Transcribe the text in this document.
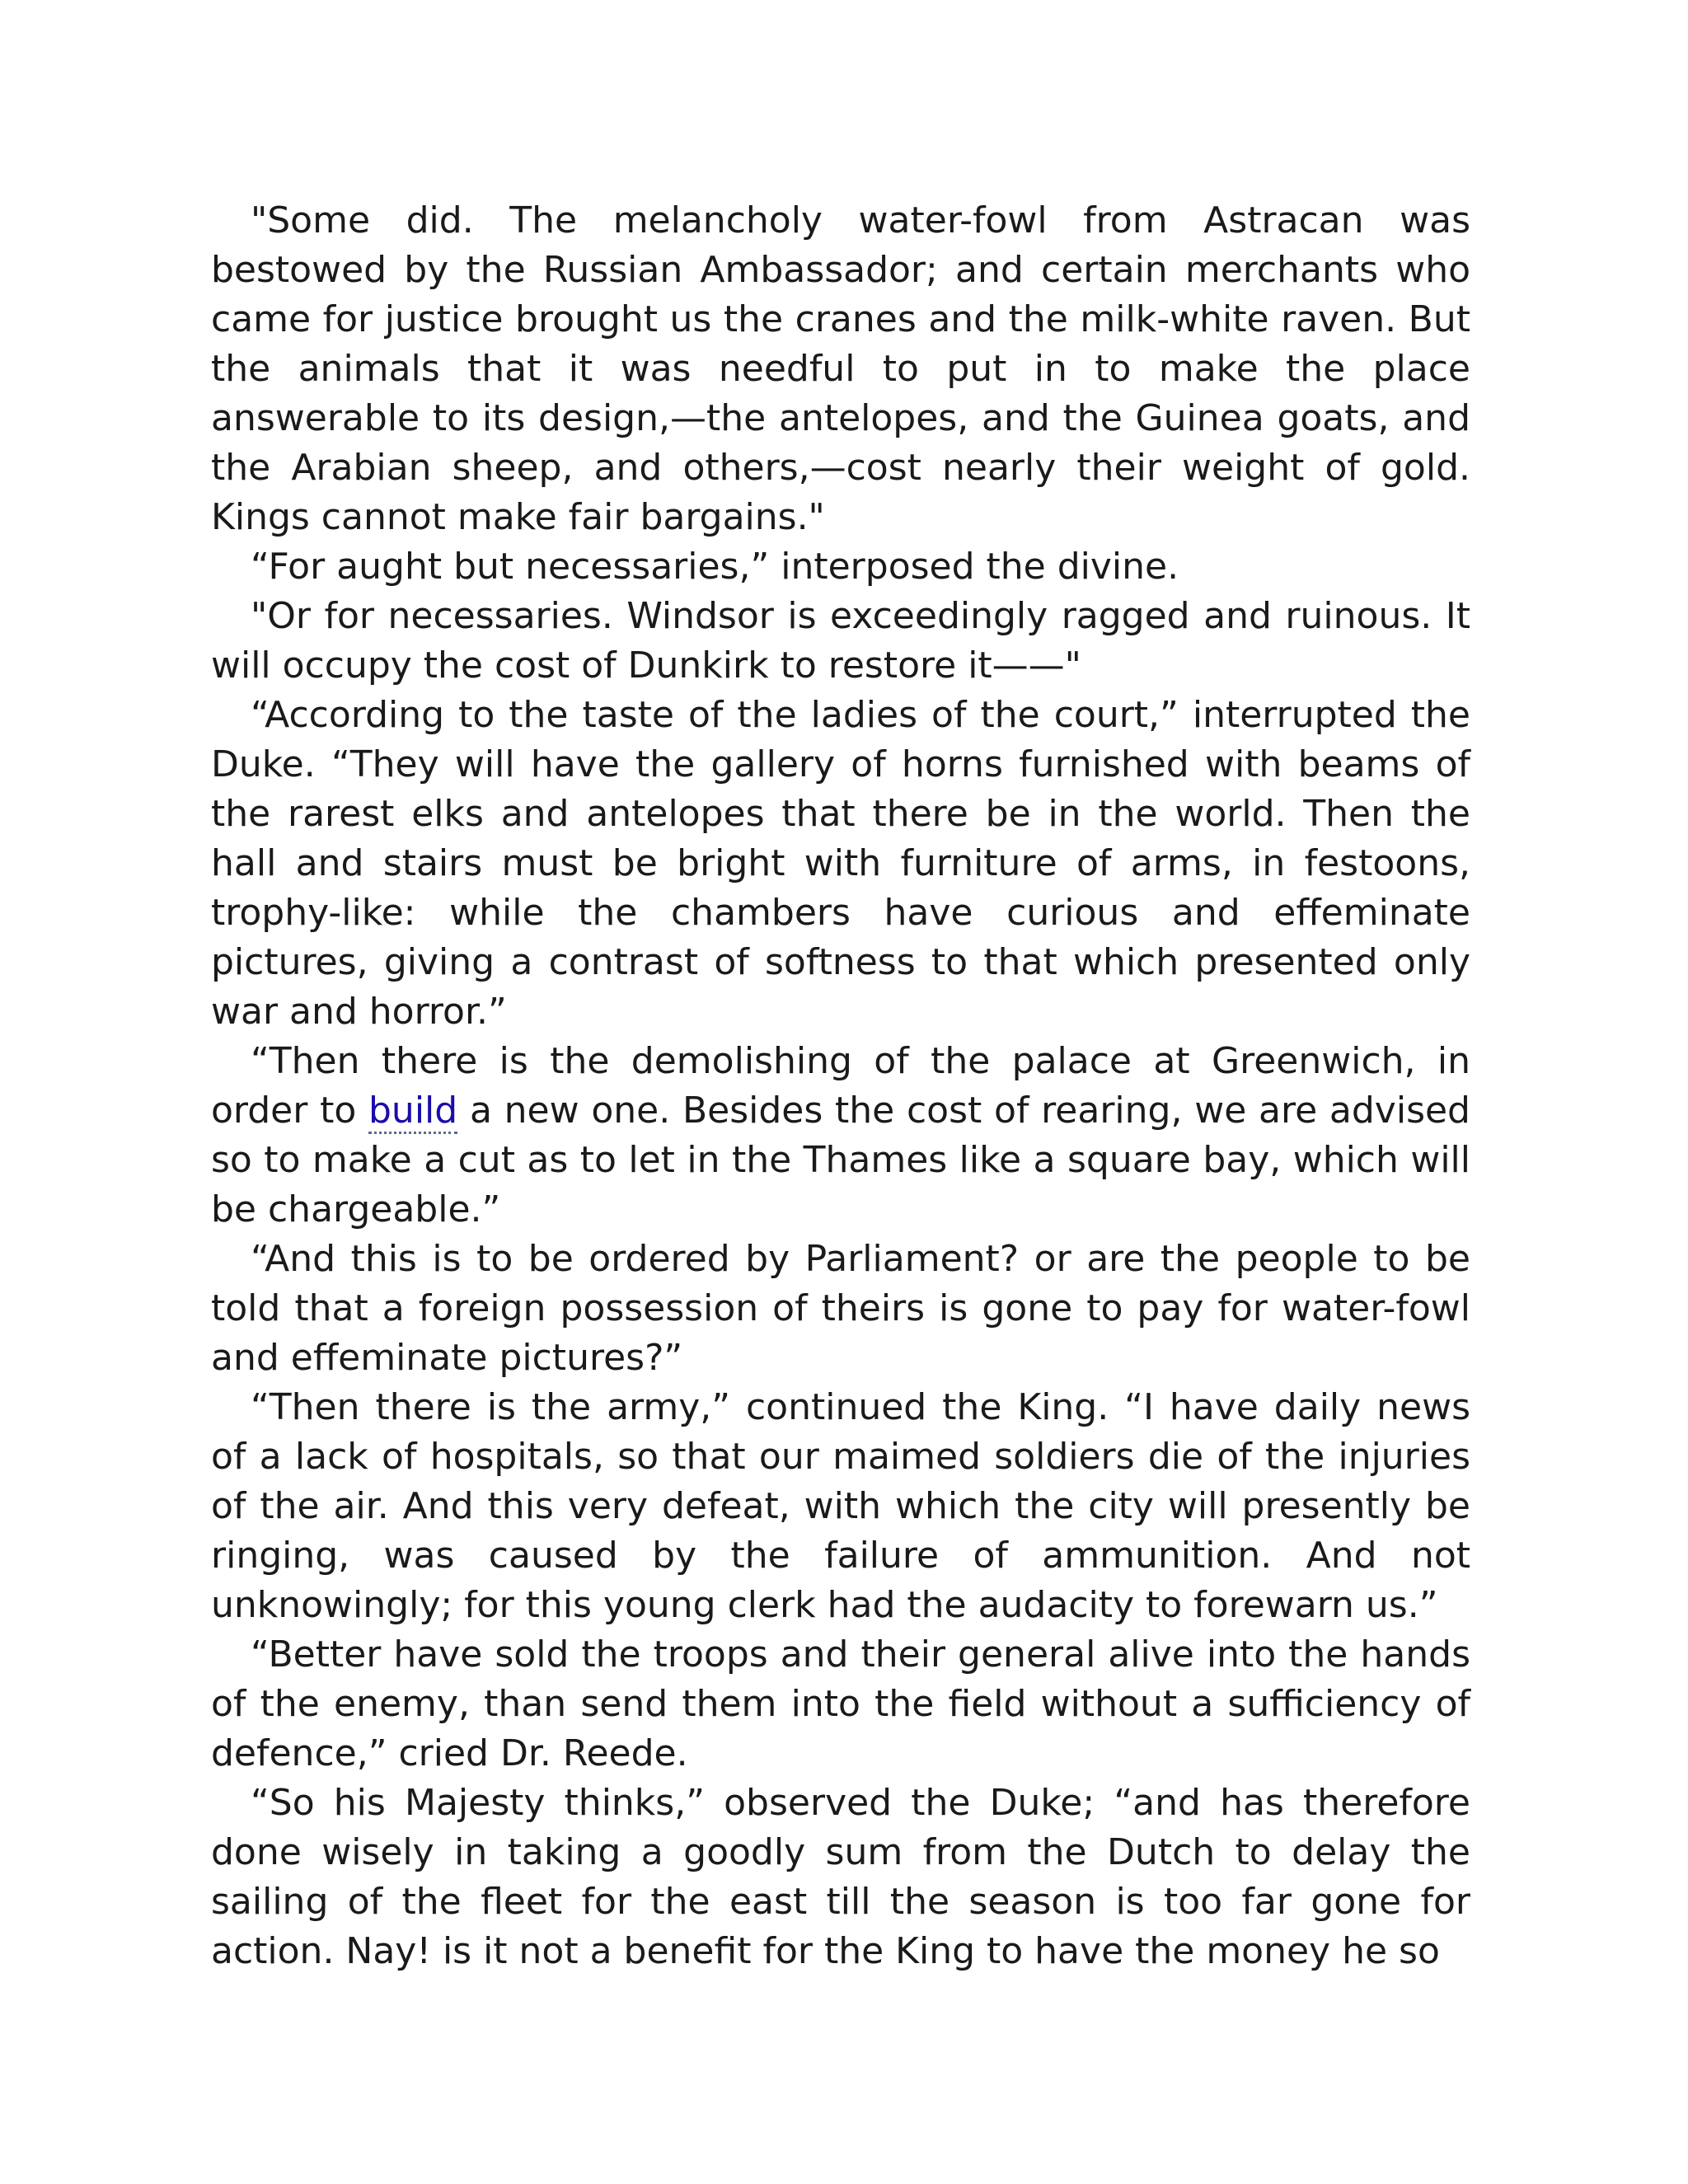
"Some did. The melancholy water-fowl from Astracan was bestowed by the Russian Ambassador; and certain merchants who came for justice brought us the cranes and the milk-white raven. But the animals that it was needful to put in to make the place answerable to its design,—the antelopes, and the Guinea goats, and the Arabian sheep, and others,—cost nearly their weight of gold. Kings cannot make fair bargains."

“For aught but necessaries,” interposed the divine.

"Or for necessaries. Windsor is exceedingly ragged and ruinous. It will occupy the cost of Dunkirk to restore it——"

“According to the taste of the ladies of the court,” interrupted the Duke. “They will have the gallery of horns furnished with beams of the rarest elks and antelopes that there be in the world. Then the hall and stairs must be bright with furniture of arms, in festoons, trophy-like: while the chambers have curious and effeminate pictures, giving a contrast of softness to that which presented only war and horror.”

“Then there is the demolishing of the palace at Greenwich, in order to build a new one. Besides the cost of rearing, we are advised so to make a cut as to let in the Thames like a square bay, which will be chargeable.”

“And this is to be ordered by Parliament? or are the people to be told that a foreign possession of theirs is gone to pay for water-fowl and effeminate pictures?”

“Then there is the army,” continued the King. “I have daily news of a lack of hospitals, so that our maimed soldiers die of the injuries of the air. And this very defeat, with which the city will presently be ringing, was caused by the failure of ammunition. And not unknowingly; for this young clerk had the audacity to forewarn us.”

“Better have sold the troops and their general alive into the hands of the enemy, than send them into the field without a sufficiency of defence,” cried Dr. Reede.

“So his Majesty thinks,” observed the Duke; “and has therefore done wisely in taking a goodly sum from the Dutch to delay the sailing of the fleet for the east till the season is too far gone for action. Nay! is it not a benefit for the King to have the money he so
